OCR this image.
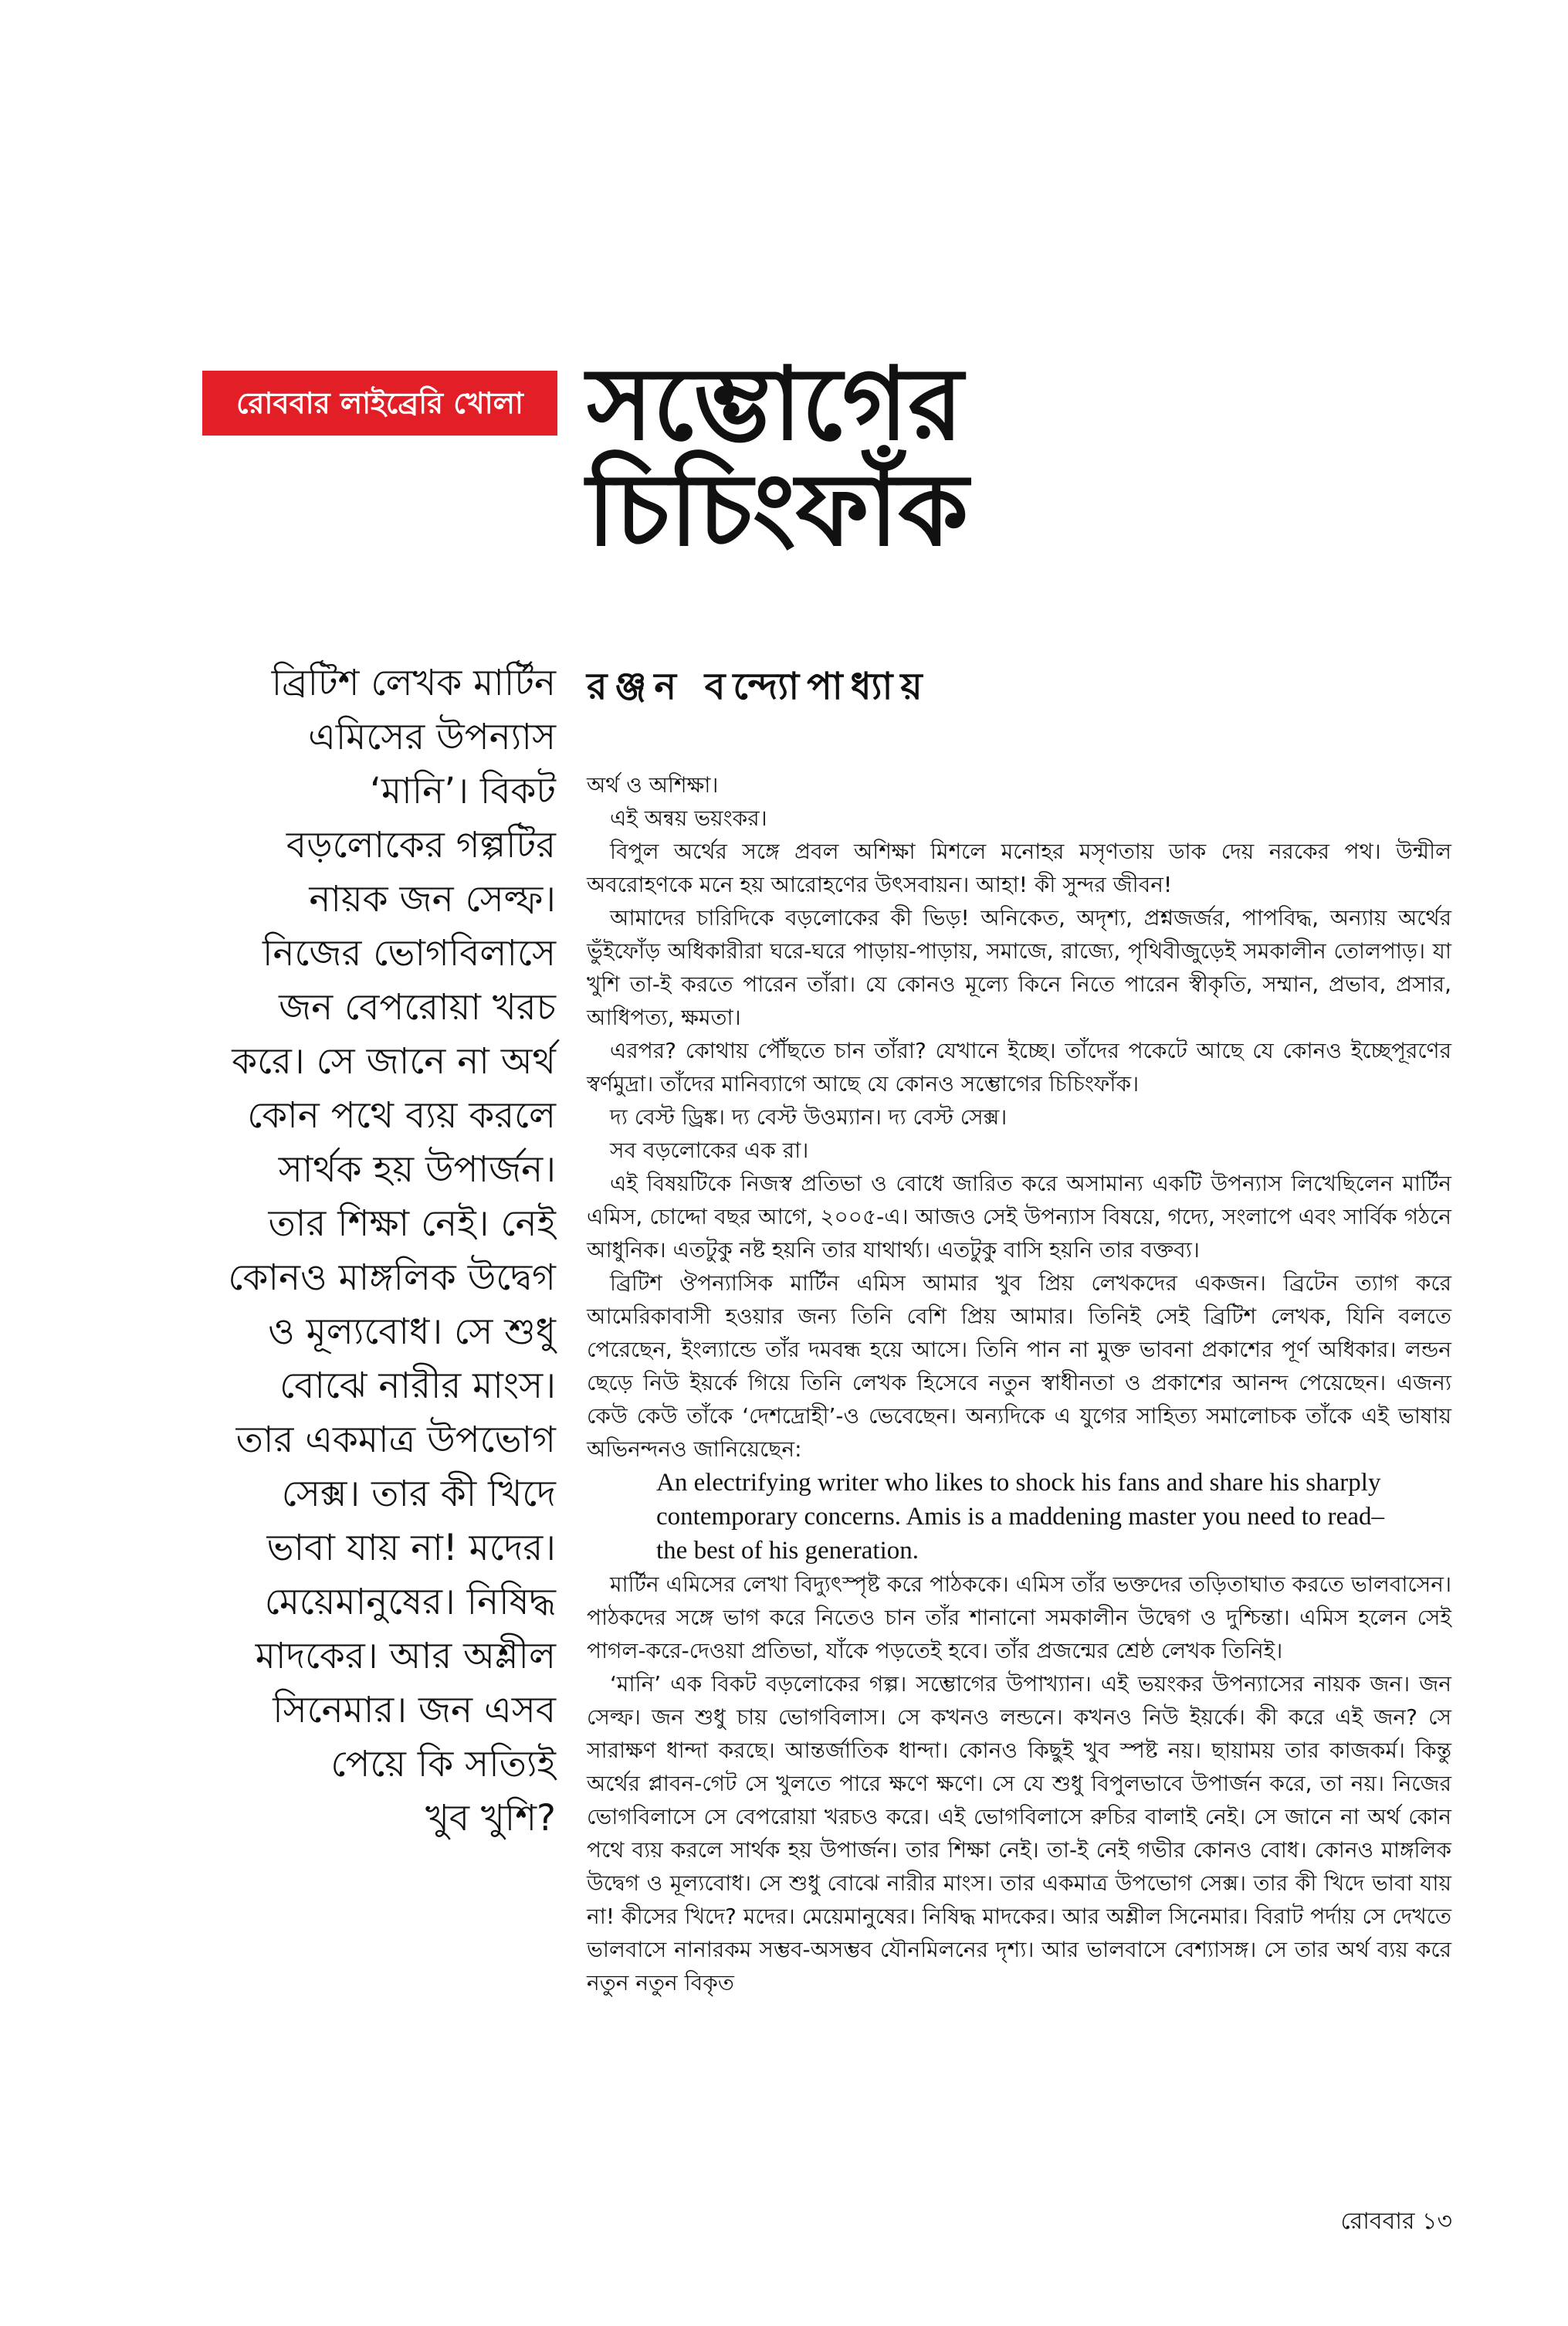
রোববার লাইব্রেরি খোলা সম্ভোগের
চিচিংফাঁক
রঞ্জন বন্দ্যোপাধ্যায়
ব্রিটিশ লেখক মার্টিন
এমিসের উপন্যাস
‘মানি’। বিকট
বড়লোকের গল্পটির
নায়ক জন সেল্ফ।
নিজের ভোগবিলাসে
জন বেপরোয়া খরচ
করে। সে জানে না অর্থ
কোন পথে ব্যয় করলে
সার্থক হয় উপার্জন।
তার শিক্ষা নেই। নেই
কোনও মাঙ্গলিক উদ্বেগ
ও মূল্যবোধ। সে শুধু
বোঝে নারীর মাংস।
তার একমাত্র উপভোগ
সেক্স। তার কী খিদে
ভাবা যায় না! মদের।
মেয়েমানুষের। নিষিদ্ধ
মাদকের। আর অশ্লীল
সিনেমার। জন এসব
পেয়ে কি সত্যিই
খুব খুশি?

অর্থ ও অশিক্ষা।

এই অন্বয় ভয়ংকর।

বিপুল অর্থের সঙ্গে প্রবল অশিক্ষা মিশলে মনোহর মসৃণতায় ডাক দেয় নরকের পথ। উন্মীল অবরোহণকে মনে হয় আরোহণের উৎসবায়ন। আহা! কী সুন্দর জীবন!

আমাদের চারিদিকে বড়লোকের কী ভিড়! অনিকেত, অদৃশ্য, প্রশ্নজর্জর, পাপবিদ্ধ, অন্যায় অর্থের ভুঁইফোঁড় অধিকারীরা ঘরে-ঘরে পাড়ায়-পাড়ায়, সমাজে, রাজ্যে, পৃথিবীজুড়েই সমকালীন তোলপাড়। যা খুশি তা-ই করতে পারেন তাঁরা। যে কোনও মূল্যে কিনে নিতে পারেন স্বীকৃতি, সম্মান, প্রভাব, প্রসার, আধিপত্য, ক্ষমতা।

এরপর? কোথায় পৌঁছতে চান তাঁরা? যেখানে ইচ্ছে। তাঁদের পকেটে আছে যে কোনও ইচ্ছেপূরণের স্বর্ণমুদ্রা। তাঁদের মানিব্যাগে আছে যে কোনও সম্ভোগের চিচিংফাঁক।

দ্য বেস্ট ড্রিঙ্ক। দ্য বেস্ট উওম্যান। দ্য বেস্ট সেক্স।

সব বড়লোকের এক রা।

এই বিষয়টিকে নিজস্ব প্রতিভা ও বোধে জারিত করে অসামান্য একটি উপন্যাস লিখেছিলেন মার্টিন এমিস, চোদ্দো বছর আগে, ২০০৫-এ। আজও সেই উপন্যাস বিষয়ে, গদ্যে, সংলাপে এবং সার্বিক গঠনে আধুনিক। এতটুকু নষ্ট হয়নি তার যাথার্থ্য। এতটুকু বাসি হয়নি তার বক্তব্য।

ব্রিটিশ ঔপন্যাসিক মার্টিন এমিস আমার খুব প্রিয় লেখকদের একজন। ব্রিটেন ত্যাগ করে আমেরিকাবাসী হওয়ার জন্য তিনি বেশি প্রিয় আমার। তিনিই সেই ব্রিটিশ লেখক, যিনি বলতে পেরেছেন, ইংল্যান্ডে তাঁর দমবন্ধ হয়ে আসে। তিনি পান না মুক্ত ভাবনা প্রকাশের পূর্ণ অধিকার। লন্ডন ছেড়ে নিউ ইয়র্কে গিয়ে তিনি লেখক হিসেবে নতুন স্বাধীনতা ও প্রকাশের আনন্দ পেয়েছেন। এজন্য কেউ কেউ তাঁকে ‘দেশদ্রোহী’-ও ভেবেছেন। অন্যদিকে এ যুগের সাহিত্য সমালোচক তাঁকে এই ভাষায় অভিনন্দনও জানিয়েছেন:

An electrifying writer who likes to shock his fans and share his sharply contemporary concerns. Amis is a maddening master you need to read– the best of his generation.

মার্টিন এমিসের লেখা বিদ্যুৎস্পৃষ্ট করে পাঠককে। এমিস তাঁর ভক্তদের তড়িতাঘাত করতে ভালবাসেন। পাঠকদের সঙ্গে ভাগ করে নিতেও চান তাঁর শানানো সমকালীন উদ্বেগ ও দুশ্চিন্তা। এমিস হলেন সেই পাগল-করে-দেওয়া প্রতিভা, যাঁকে পড়তেই হবে। তাঁর প্রজন্মের শ্রেষ্ঠ লেখক তিনিই।

‘মানি’ এক বিকট বড়লোকের গল্প। সম্ভোগের উপাখ্যান। এই ভয়ংকর উপন্যাসের নায়ক জন। জন সেল্ফ। জন শুধু চায় ভোগবিলাস। সে কখনও লন্ডনে। কখনও নিউ ইয়র্কে। কী করে এই জন? সে সারাক্ষণ ধান্দা করছে। আন্তর্জাতিক ধান্দা। কোনও কিছুই খুব স্পষ্ট নয়। ছায়াময় তার কাজকর্ম। কিন্তু অর্থের প্লাবন-গেট সে খুলতে পারে ক্ষণে ক্ষণে। সে যে শুধু বিপুলভাবে উপার্জন করে, তা নয়। নিজের ভোগবিলাসে সে বেপরোয়া খরচও করে। এই ভোগবিলাসে রুচির বালাই নেই। সে জানে না অর্থ কোন পথে ব্যয় করলে সার্থক হয় উপার্জন। তার শিক্ষা নেই। তা-ই নেই গভীর কোনও বোধ। কোনও মাঙ্গলিক উদ্বেগ ও মূল্যবোধ। সে শুধু বোঝে নারীর মাংস। তার একমাত্র উপভোগ সেক্স। তার কী খিদে ভাবা যায় না! কীসের খিদে? মদের। মেয়েমানুষের। নিষিদ্ধ মাদকের। আর অশ্লীল সিনেমার। বিরাট পর্দায় সে দেখতে ভালবাসে নানারকম সম্ভব-অসম্ভব যৌনমিলনের দৃশ্য। আর ভালবাসে বেশ্যাসঙ্গ। সে তার অর্থ ব্যয় করে নতুন নতুন বিকৃত

রোববার ১৩
